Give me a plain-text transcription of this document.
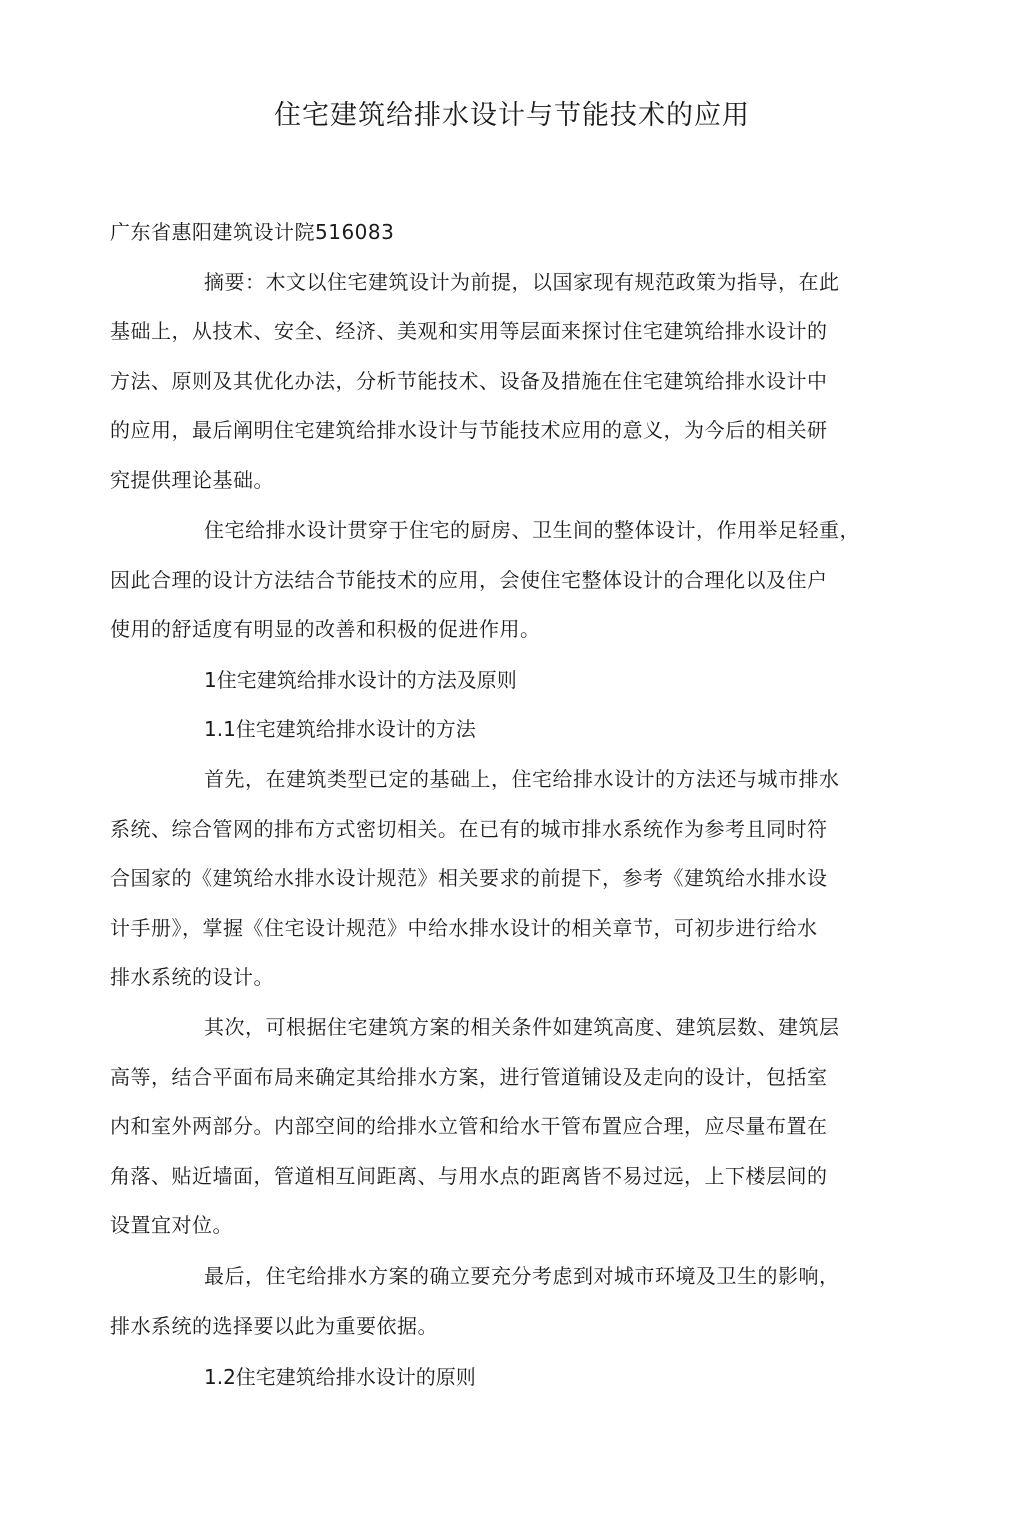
住宅建筑给排水设计与节能技术的应用
广东省惠阳建筑设计院516083
摘要：木文以住宅建筑设计为前提，以国家现有规范政策为指导，在此
基础上，从技术、安全、经济、美观和实用等层面来探讨住宅建筑给排水设计的
方法、原则及其优化办法，分析节能技术、设备及措施在住宅建筑给排水设计中
的应用，最后阐明住宅建筑给排水设计与节能技术应用的意义，为今后的相关研
究提供理论基础。
住宅给排水设计贯穿于住宅的厨房、卫生间的整体设计，作用举足轻重，
因此合理的设计方法结合节能技术的应用，会使住宅整体设计的合理化以及住户
使用的舒适度有明显的改善和积极的促进作用。
1住宅建筑给排水设计的方法及原则
1.1住宅建筑给排水设计的方法
首先，在建筑类型已定的基础上，住宅给排水设计的方法还与城市排水
系统、综合管网的排布方式密切相关。在已有的城市排水系统作为参考且同时符
合国家的《建筑给水排水设计规范》相关要求的前提下，参考《建筑给水排水设
计手册》，掌握《住宅设计规范》中给水排水设计的相关章节，可初步进行给水
排水系统的设计。
其次，可根据住宅建筑方案的相关条件如建筑高度、建筑层数、建筑层
高等，结合平面布局来确定其给排水方案，进行管道铺设及走向的设计，包括室
内和室外两部分。内部空间的给排水立管和给水干管布置应合理，应尽量布置在
角落、贴近墙面，管道相互间距离、与用水点的距离皆不易过远，上下楼层间的
设置宜对位。
最后，住宅给排水方案的确立要充分考虑到对城市环境及卫生的影响，
排水系统的选择要以此为重要依据。
1.2住宅建筑给排水设计的原则
